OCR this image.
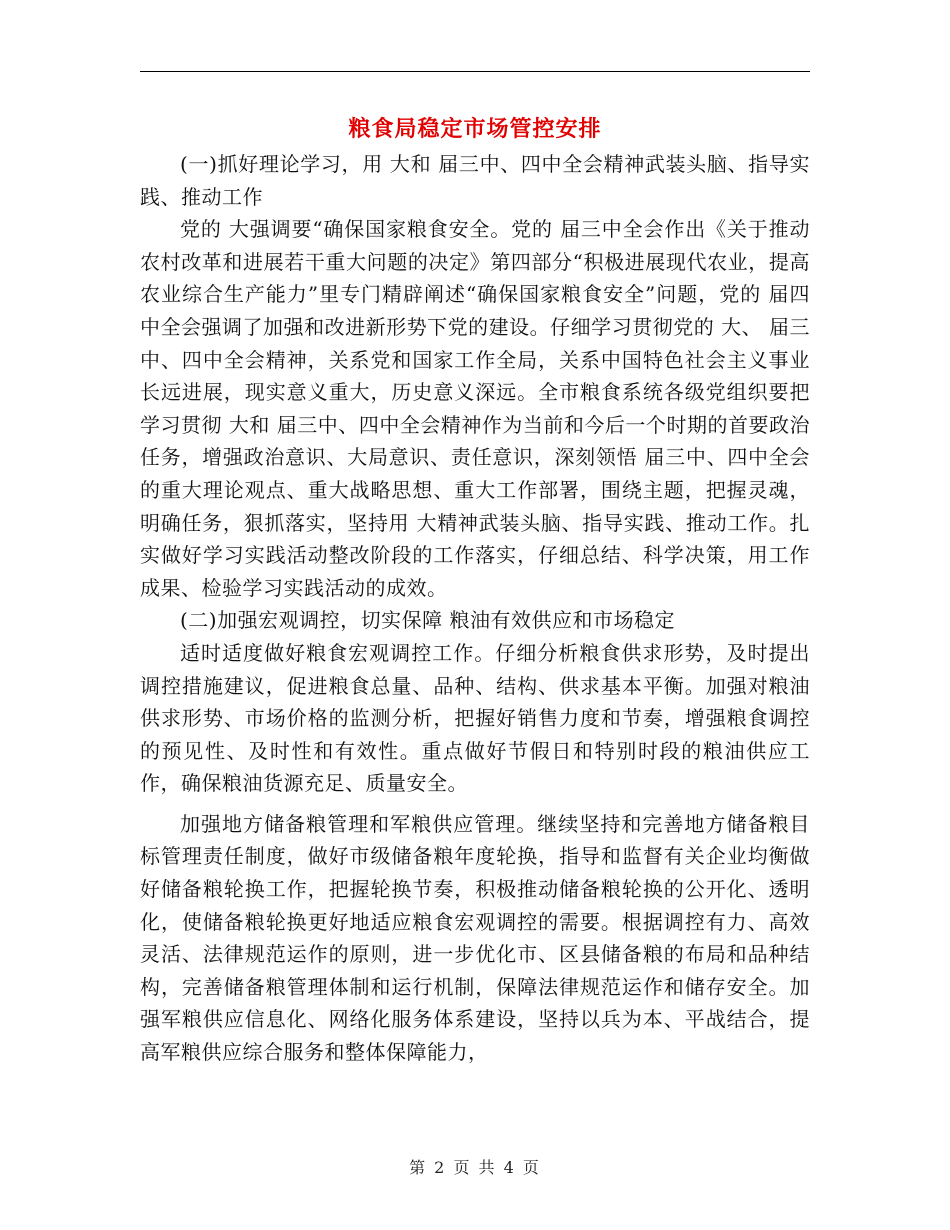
粮食局稳定市场管控安排

(一)抓好理论学习，用 大和 届三中、四中全会精神武装头脑、指导实践、推动工作

党的 大强调要“确保国家粮食安全。党的 届三中全会作出《关于推动农村改革和进展若干重大问题的决定》第四部分“积极进展现代农业，提高农业综合生产能力”里专门精辟阐述“确保国家粮食安全”问题，党的 届四中全会强调了加强和改进新形势下党的建设。仔细学习贯彻党的 大、 届三中、四中全会精神，关系党和国家工作全局，关系中国特色社会主义事业长远进展，现实意义重大，历史意义深远。全市粮食系统各级党组织要把学习贯彻 大和 届三中、四中全会精神作为当前和今后一个时期的首要政治任务，增强政治意识、大局意识、责任意识，深刻领悟 届三中、四中全会的重大理论观点、重大战略思想、重大工作部署，围绕主题，把握灵魂，明确任务，狠抓落实，坚持用 大精神武装头脑、指导实践、推动工作。扎实做好学习实践活动整改阶段的工作落实，仔细总结、科学决策，用工作成果、检验学习实践活动的成效。

(二)加强宏观调控，切实保障 粮油有效供应和市场稳定

适时适度做好粮食宏观调控工作。仔细分析粮食供求形势，及时提出调控措施建议，促进粮食总量、品种、结构、供求基本平衡。加强对粮油供求形势、市场价格的监测分析，把握好销售力度和节奏，增强粮食调控的预见性、及时性和有效性。重点做好节假日和特别时段的粮油供应工作，确保粮油货源充足、质量安全。

加强地方储备粮管理和军粮供应管理。继续坚持和完善地方储备粮目标管理责任制度，做好市级储备粮年度轮换，指导和监督有关企业均衡做好储备粮轮换工作，把握轮换节奏，积极推动储备粮轮换的公开化、透明化，使储备粮轮换更好地适应粮食宏观调控的需要。根据调控有力、高效灵活、法律规范运作的原则，进一步优化市、区县储备粮的布局和品种结构，完善储备粮管理体制和运行机制，保障法律规范运作和储存安全。加强军粮供应信息化、网络化服务体系建设，坚持以兵为本、平战结合，提高军粮供应综合服务和整体保障能力，

第 2 页 共 4 页
